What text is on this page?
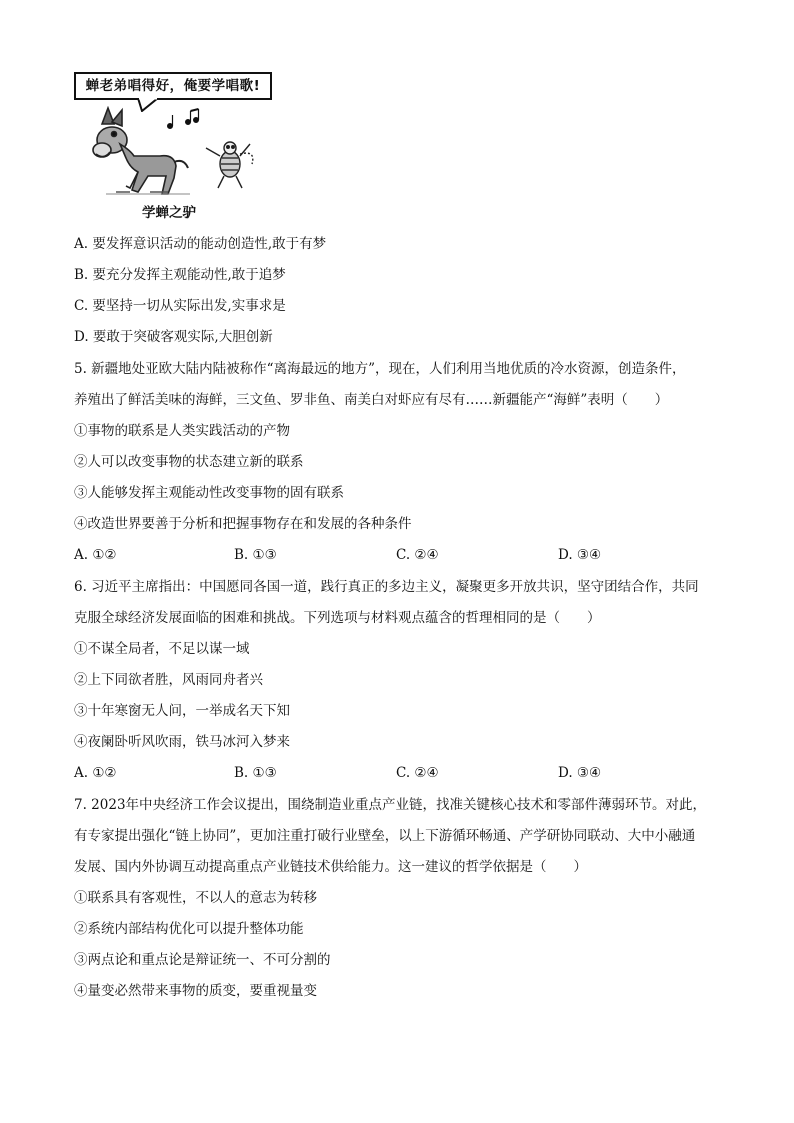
蝉老弟唱得好，俺要学唱歌!
学蝉之驴
A. 要发挥意识活动的能动创造性,敢于有梦
B. 要充分发挥主观能动性,敢于追梦
C. 要坚持一切从实际出发,实事求是
D. 要敢于突破客观实际,大胆创新
5. 新疆地处亚欧大陆内陆被称作“离海最远的地方”，现在，人们利用当地优质的冷水资源，创造条件，
养殖出了鲜活美味的海鲜，三文鱼、罗非鱼、南美白对虾应有尽有……新疆能产“海鲜”表明（　　）
①事物的联系是人类实践活动的产物
②人可以改变事物的状态建立新的联系
③人能够发挥主观能动性改变事物的固有联系
④改造世界要善于分析和把握事物存在和发展的各种条件
A. ①②	B. ①③	C. ②④	D. ③④
6. 习近平主席指出：中国愿同各国一道，践行真正的多边主义，凝聚更多开放共识，坚守团结合作，共同
克服全球经济发展面临的困难和挑战。下列选项与材料观点蕴含的哲理相同的是（　　）
①不谋全局者，不足以谋一域
②上下同欲者胜，风雨同舟者兴
③十年寒窗无人问，一举成名天下知
④夜阑卧听风吹雨，铁马冰河入梦来
A. ①②	B. ①③	C. ②④	D. ③④
7. 2023年中央经济工作会议提出，围绕制造业重点产业链，找准关键核心技术和零部件薄弱环节。对此，
有专家提出强化“链上协同”，更加注重打破行业壁垒，以上下游循环畅通、产学研协同联动、大中小融通
发展、国内外协调互动提高重点产业链技术供给能力。这一建议的哲学依据是（　　）
①联系具有客观性，不以人的意志为转移
②系统内部结构优化可以提升整体功能
③两点论和重点论是辩证统一、不可分割的
④量变必然带来事物的质变，要重视量变
